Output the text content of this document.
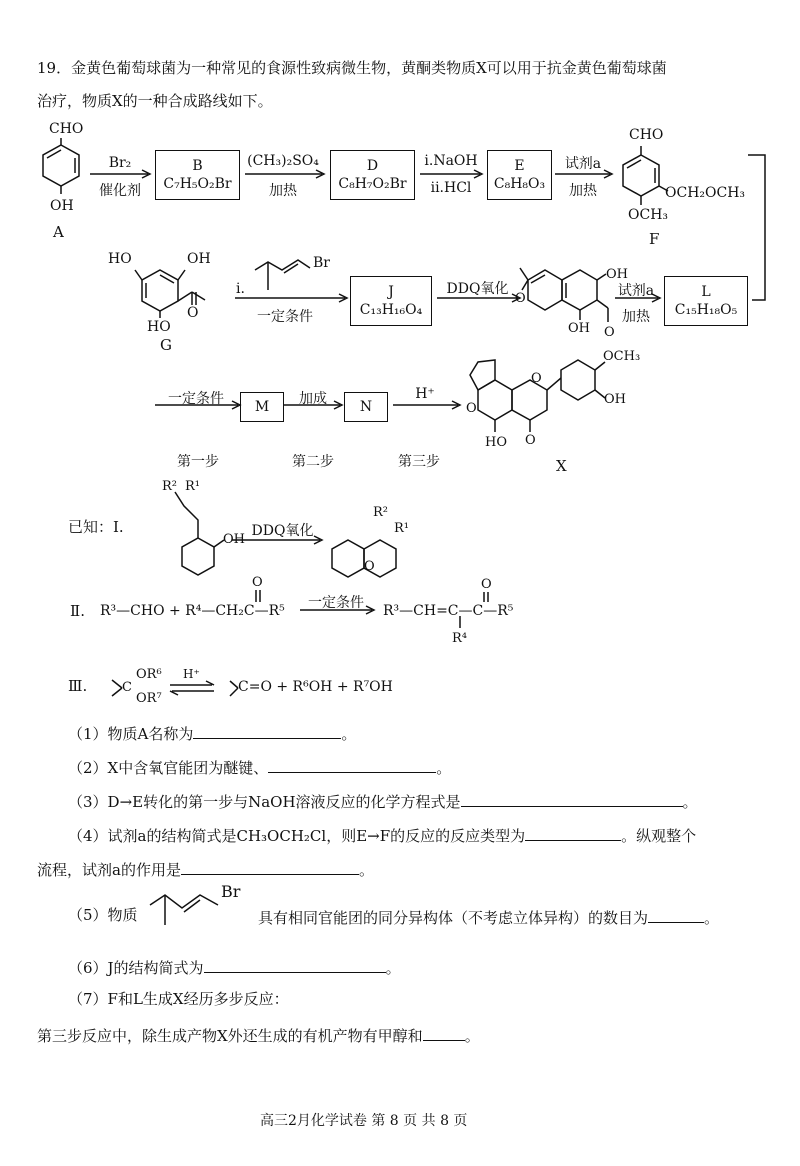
19．金黄色葡萄球菌为一种常见的食源性致病微生物，黄酮类物质X可以用于抗金黄色葡萄球菌
治疗，物质X的一种合成路线如下。
CHO
OH
A
Br₂
催化剂
B
C₇H₅O₂Br
(CH₃)₂SO₄
加热
D
C₈H₇O₂Br
i.NaOH
ii.HCl
E
C₈H₈O₃
试剂a
加热
CHO
OCH₂OCH₃
OCH₃
F
HO	OH
HO
O
G
i.
Br
一定条件
J
C₁₃H₁₆O₄
DDQ氧化
O
OH
OH O
试剂a
加热
L
C₁₅H₁₈O₅
一定条件	M	加成	N
H⁺
第一步	第二步	第三步
OCH₃
OH
HO
O
O
O
X
已知：Ⅰ.
R² R¹
OH
DDQ氧化
O
R²
R¹
Ⅱ. R³—CHO + R⁴—CH₂C—R⁵
O
一定条件	R³—CH=C—C—R⁵
O
R⁴
Ⅲ.
OR⁶
OR⁷
C
H⁺
C=O + R⁶OH + R⁷OH
（1）物质A名称为	。
（2）X中含氧官能团为醚键、	。
（3）D→E转化的第一步与NaOH溶液反应的化学方程式是	。
（4）试剂a的结构简式是CH₃OCH₂Cl，则E→F的反应的反应类型为	。纵观整个
流程，试剂a的作用是	。
（5）物质
Br
具有相同官能团的同分异构体（不考虑立体异构）的数目为	。
（6）J的结构简式为	。
（7）F和L生成X经历多步反应：
第三步反应中，除生成产物X外还生成的有机产物有甲醇和	。
高三2月化学试卷 第 8 页 共 8 页
